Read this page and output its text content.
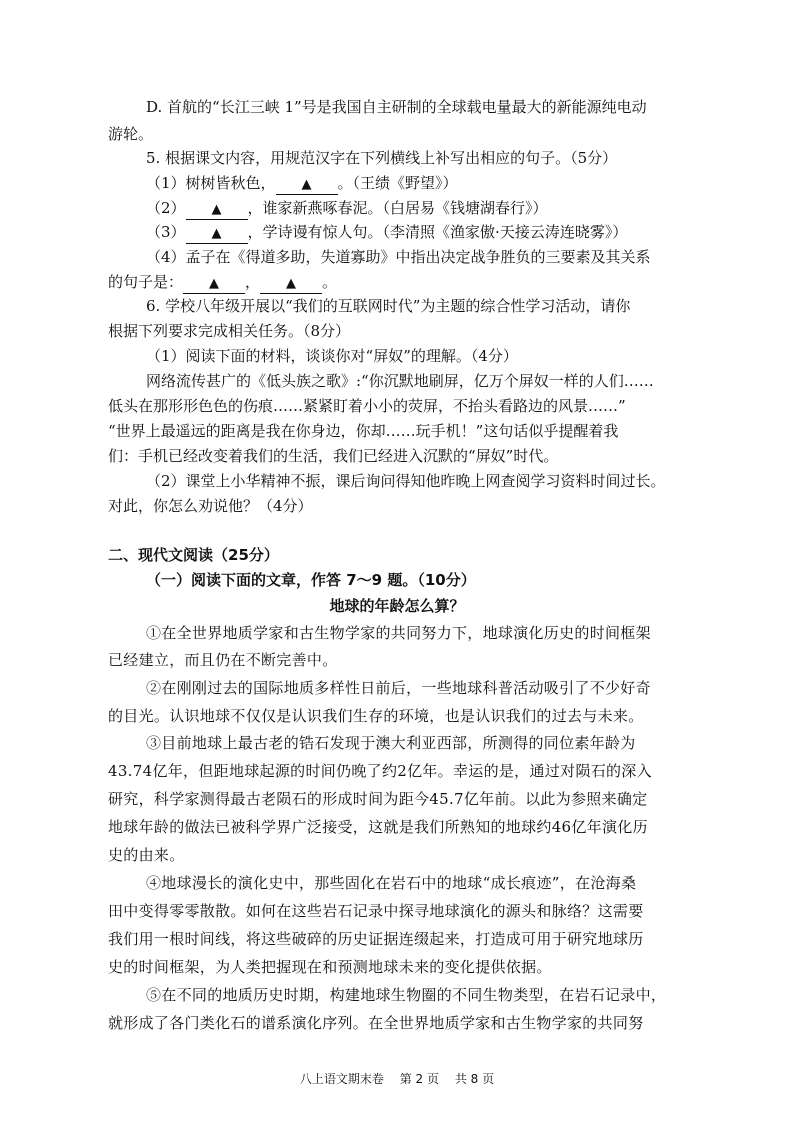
D. 首航的“长江三峡 1”号是我国自主研制的全球载电量最大的新能源纯电动
游轮。
5. 根据课文内容，用规范汉字在下列横线上补写出相应的句子。（5分）
（1）树树皆秋色， ▲ 。（王绩《野望》）
（2） ▲ ，谁家新燕啄春泥。（白居易《钱塘湖春行》）
（3） ▲ ，学诗谩有惊人句。（李清照《渔家傲·天接云涛连晓雾》）
（4）孟子在《得道多助，失道寡助》中指出决定战争胜负的三要素及其关系
的句子是： ▲ ， ▲ 。
6. 学校八年级开展以“我们的互联网时代”为主题的综合性学习活动，请你
根据下列要求完成相关任务。（8分）
（1）阅读下面的材料，谈谈你对“屏奴”的理解。（4分）
网络流传甚广的《低头族之歌》:“你沉默地刷屏，亿万个屏奴一样的人们……
低头在那形形色色的伤痕……紧紧盯着小小的荧屏，不抬头看路边的风景……”
“世界上最遥远的距离是我在你身边，你却……玩手机！”这句话似乎提醒着我
们：手机已经改变着我们的生活，我们已经进入沉默的“屏奴”时代。
（2）课堂上小华精神不振，课后询问得知他昨晚上网查阅学习资料时间过长。
对此，你怎么劝说他？（4分）
二、现代文阅读（25分）
（一）阅读下面的文章，作答 7～9 题。（10分）
地球的年龄怎么算？
①在全世界地质学家和古生物学家的共同努力下，地球演化历史的时间框架
已经建立，而且仍在不断完善中。
②在刚刚过去的国际地质多样性日前后，一些地球科普活动吸引了不少好奇
的目光。认识地球不仅仅是认识我们生存的环境，也是认识我们的过去与未来。
③目前地球上最古老的锆石发现于澳大利亚西部，所测得的同位素年龄为
43.74亿年，但距地球起源的时间仍晚了约2亿年。幸运的是，通过对陨石的深入
研究，科学家测得最古老陨石的形成时间为距今45.7亿年前。以此为参照来确定
地球年龄的做法已被科学界广泛接受，这就是我们所熟知的地球约46亿年演化历
史的由来。
④地球漫长的演化史中，那些固化在岩石中的地球“成长痕迹”，在沧海桑
田中变得零零散散。如何在这些岩石记录中探寻地球演化的源头和脉络？这需要
我们用一根时间线，将这些破碎的历史证据连缀起来，打造成可用于研究地球历
史的时间框架，为人类把握现在和预测地球未来的变化提供依据。
⑤在不同的地质历史时期，构建地球生物圈的不同生物类型，在岩石记录中，
就形成了各门类化石的谱系演化序列。在全世界地质学家和古生物学家的共同努
八上语文期末卷 第 2 页 共 8 页
